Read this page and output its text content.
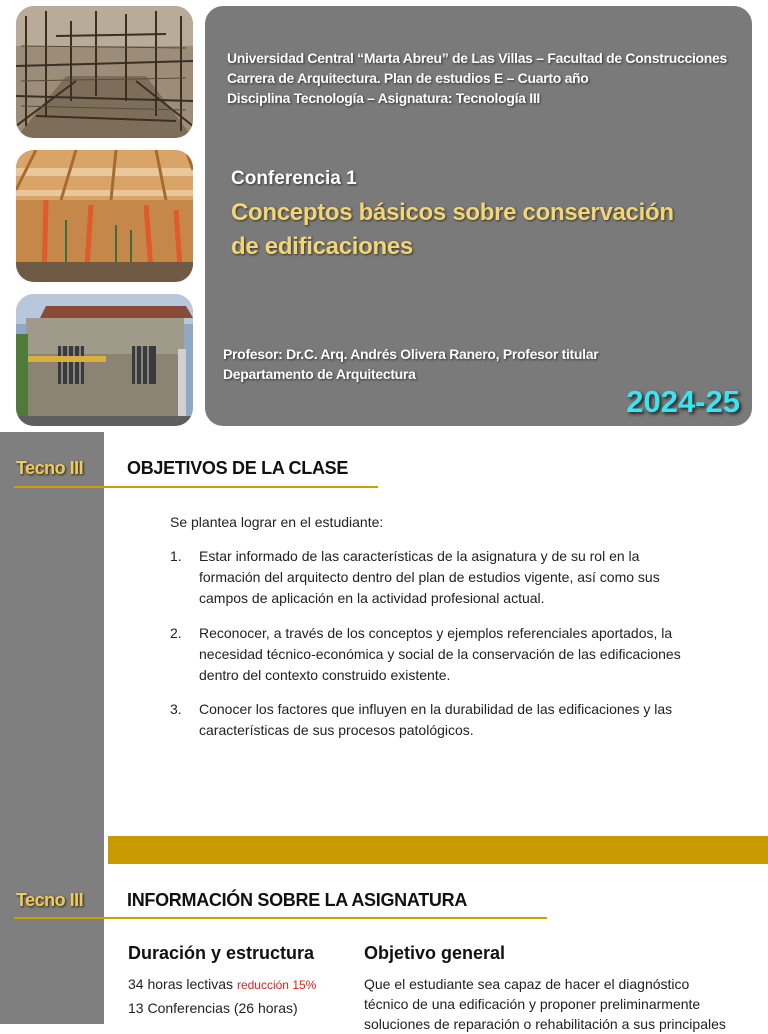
Universidad Central “Marta Abreu” de Las Villas – Facultad de Construcciones
Carrera de Arquitectura. Plan de estudios E – Cuarto año
Disciplina Tecnología – Asignatura: Tecnología III
Conferencia 1
Conceptos básicos sobre conservación
de edificaciones
Profesor: Dr.C. Arq. Andrés Olivera Ranero, Profesor titular
Departamento de Arquitectura
2024-25
Tecno III OBJETIVOS DE LA CLASE
Se plantea lograr en el estudiante:
1. Estar informado de las características de la asignatura y de su rol en la formación del arquitecto dentro del plan de estudios vigente, así como sus campos de aplicación en la actividad profesional actual.
2. Reconocer, a través de los conceptos y ejemplos referenciales aportados, la necesidad técnico-económica y social de la conservación de las edificaciones dentro del contexto construido existente.
3. Conocer los factores que influyen en la durabilidad de las edificaciones y las características de sus procesos patológicos.
Tecno III INFORMACIÓN SOBRE LA ASIGNATURA
Duración y estructura
34 horas lectivas reducción 15%
13 Conferencias (26 horas)
Objetivo general
Que el estudiante sea capaz de hacer el diagnóstico técnico de una edificación y proponer preliminarmente soluciones de reparación o rehabilitación a sus principales
